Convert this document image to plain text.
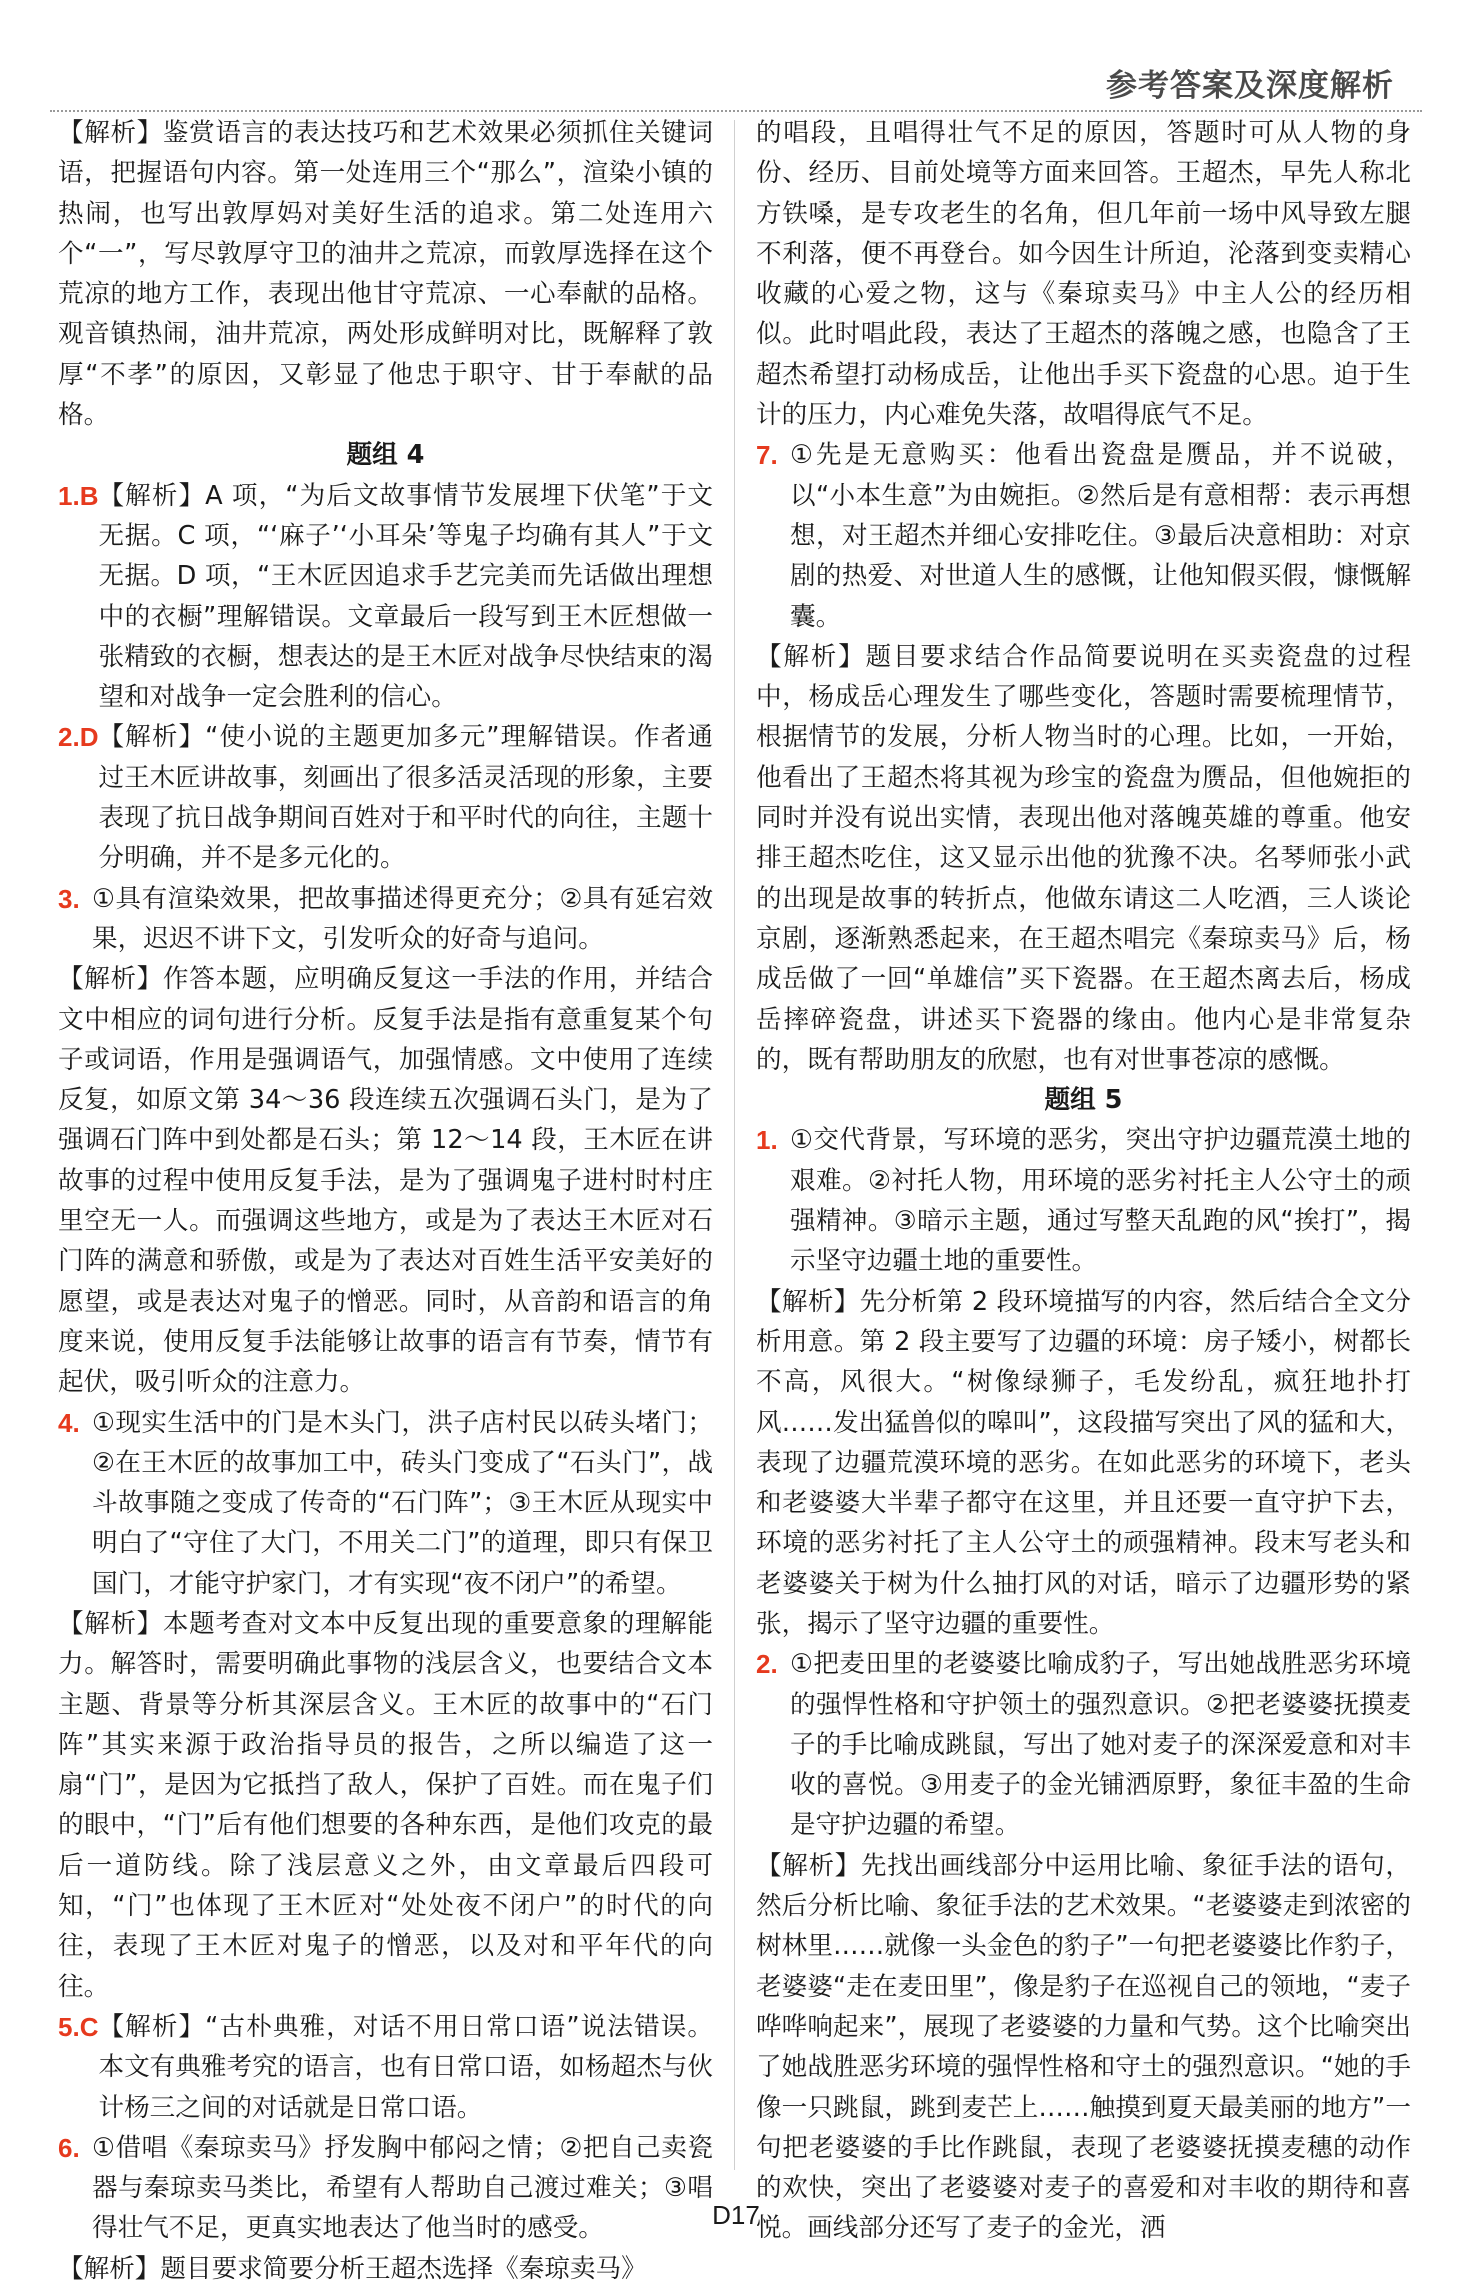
参考答案及深度解析

【解析】鉴赏语言的表达技巧和艺术效果必须抓住关键词语，把握语句内容。第一处连用三个“那么”，渲染小镇的热闹，也写出敦厚妈对美好生活的追求。第二处连用六个“一”，写尽敦厚守卫的油井之荒凉，而敦厚选择在这个荒凉的地方工作，表现出他甘守荒凉、一心奉献的品格。观音镇热闹，油井荒凉，两处形成鲜明对比，既解释了敦厚“不孝”的原因，又彰显了他忠于职守、甘于奉献的品格。

题组 4

1.B 【解析】A 项，“为后文故事情节发展埋下伏笔”于文无据。C 项，“‘麻子’‘小耳朵’等鬼子均确有其人”于文无据。D 项，“王木匠因追求手艺完美而先话做出理想中的衣橱”理解错误。文章最后一段写到王木匠想做一张精致的衣橱，想表达的是王木匠对战争尽快结束的渴望和对战争一定会胜利的信心。
2.D 【解析】“使小说的主题更加多元”理解错误。作者通过王木匠讲故事，刻画出了很多活灵活现的形象，主要表现了抗日战争期间百姓对于和平时代的向往，主题十分明确，并不是多元化的。
3. ①具有渲染效果，把故事描述得更充分；②具有延宕效果，迟迟不讲下文，引发听众的好奇与追问。

【解析】作答本题，应明确反复这一手法的作用，并结合文中相应的词句进行分析。反复手法是指有意重复某个句子或词语，作用是强调语气，加强情感。文中使用了连续反复，如原文第 34～36 段连续五次强调石头门，是为了强调石门阵中到处都是石头；第 12～14 段，王木匠在讲故事的过程中使用反复手法，是为了强调鬼子进村时村庄里空无一人。而强调这些地方，或是为了表达王木匠对石门阵的满意和骄傲，或是为了表达对百姓生活平安美好的愿望，或是表达对鬼子的憎恶。同时，从音韵和语言的角度来说，使用反复手法能够让故事的语言有节奏，情节有起伏，吸引听众的注意力。

4. ①现实生活中的门是木头门，洪子店村民以砖头堵门；②在王木匠的故事加工中，砖头门变成了“石头门”，战斗故事随之变成了传奇的“石门阵”；③王木匠从现实中明白了“守住了大门，不用关二门”的道理，即只有保卫国门，才能守护家门，才有实现“夜不闭户”的希望。

【解析】本题考查对文本中反复出现的重要意象的理解能力。解答时，需要明确此事物的浅层含义，也要结合文本主题、背景等分析其深层含义。王木匠的故事中的“石门阵”其实来源于政治指导员的报告，之所以编造了这一扇“门”，是因为它抵挡了敌人，保护了百姓。而在鬼子们的眼中，“门”后有他们想要的各种东西，是他们攻克的最后一道防线。除了浅层意义之外，由文章最后四段可知，“门”也体现了王木匠对“处处夜不闭户”的时代的向往，表现了王木匠对鬼子的憎恶，以及对和平年代的向往。

5.C 【解析】“古朴典雅，对话不用日常口语”说法错误。本文有典雅考究的语言，也有日常口语，如杨超杰与伙计杨三之间的对话就是日常口语。
6. ①借唱《秦琼卖马》抒发胸中郁闷之情；②把自己卖瓷器与秦琼卖马类比，希望有人帮助自己渡过难关；③唱得壮气不足，更真实地表达了他当时的感受。

【解析】题目要求简要分析王超杰选择《秦琼卖马》

的唱段，且唱得壮气不足的原因，答题时可从人物的身份、经历、目前处境等方面来回答。王超杰，早先人称北方铁嗓，是专攻老生的名角，但几年前一场中风导致左腿不利落，便不再登台。如今因生计所迫，沦落到变卖精心收藏的心爱之物，这与《秦琼卖马》中主人公的经历相似。此时唱此段，表达了王超杰的落魄之感，也隐含了王超杰希望打动杨成岳，让他出手买下瓷盘的心思。迫于生计的压力，内心难免失落，故唱得底气不足。

7. ①先是无意购买：他看出瓷盘是赝品，并不说破，以“小本生意”为由婉拒。②然后是有意相帮：表示再想想，对王超杰并细心安排吃住。③最后决意相助：对京剧的热爱、对世道人生的感慨，让他知假买假，慷慨解囊。

【解析】题目要求结合作品简要说明在买卖瓷盘的过程中，杨成岳心理发生了哪些变化，答题时需要梳理情节，根据情节的发展，分析人物当时的心理。比如，一开始，他看出了王超杰将其视为珍宝的瓷盘为赝品，但他婉拒的同时并没有说出实情，表现出他对落魄英雄的尊重。他安排王超杰吃住，这又显示出他的犹豫不决。名琴师张小武的出现是故事的转折点，他做东请这二人吃酒，三人谈论京剧，逐渐熟悉起来，在王超杰唱完《秦琼卖马》后，杨成岳做了一回“单雄信”买下瓷器。在王超杰离去后，杨成岳摔碎瓷盘，讲述买下瓷器的缘由。他内心是非常复杂的，既有帮助朋友的欣慰，也有对世事苍凉的感慨。

题组 5

1. ①交代背景，写环境的恶劣，突出守护边疆荒漠土地的艰难。②衬托人物，用环境的恶劣衬托主人公守土的顽强精神。③暗示主题，通过写整天乱跑的风“挨打”，揭示坚守边疆土地的重要性。

【解析】先分析第 2 段环境描写的内容，然后结合全文分析用意。第 2 段主要写了边疆的环境：房子矮小，树都长不高，风很大。“树像绿狮子，毛发纷乱，疯狂地扑打风……发出猛兽似的嗥叫”，这段描写突出了风的猛和大，表现了边疆荒漠环境的恶劣。在如此恶劣的环境下，老头和老婆婆大半辈子都守在这里，并且还要一直守护下去，环境的恶劣衬托了主人公守土的顽强精神。段末写老头和老婆婆关于树为什么抽打风的对话，暗示了边疆形势的紧张，揭示了坚守边疆的重要性。

2. ①把麦田里的老婆婆比喻成豹子，写出她战胜恶劣环境的强悍性格和守护领土的强烈意识。②把老婆婆抚摸麦子的手比喻成跳鼠，写出了她对麦子的深深爱意和对丰收的喜悦。③用麦子的金光铺洒原野，象征丰盈的生命是守护边疆的希望。

【解析】先找出画线部分中运用比喻、象征手法的语句，然后分析比喻、象征手法的艺术效果。“老婆婆走到浓密的树林里……就像一头金色的豹子”一句把老婆婆比作豹子，老婆婆“走在麦田里”，像是豹子在巡视自己的领地，“麦子哗哗响起来”，展现了老婆婆的力量和气势。这个比喻突出了她战胜恶劣环境的强悍性格和守土的强烈意识。“她的手像一只跳鼠，跳到麦芒上……触摸到夏天最美丽的地方”一句把老婆婆的手比作跳鼠，表现了老婆婆抚摸麦穗的动作的欢快，突出了老婆婆对麦子的喜爱和对丰收的期待和喜悦。画线部分还写了麦子的金光，洒

D17
